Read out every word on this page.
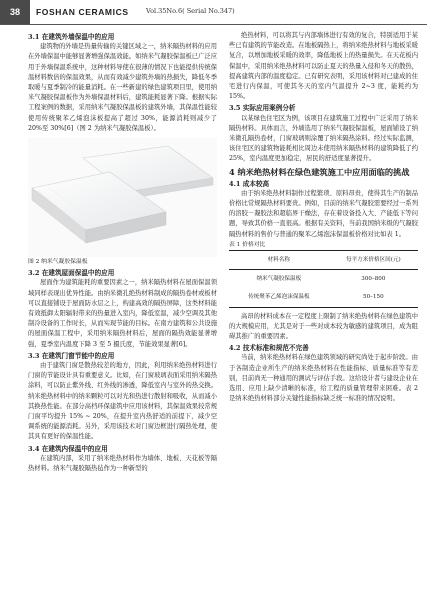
38	FOSHAN CERAMICS	Vol.35No.6( Serial No.347)
3.1 在建筑外墙保温中的应用

建筑物的外墙是热量传输的关键区域之一，纳米隔热材料的应用在外墙保温中能够显著增强保温效能。如纳米气凝胶保温板已广泛应用于外墙保温系统中，这种材料导使在很薄的情况下也能提供传统保温材料数倍的保温效果，从而有效减少建筑外墙的热损失，降低冬季取暖与夏季制冷的能量消耗。在一些新建的绿色建筑项目里，使用纳米气凝胶保温板作为外墙保温材料后，建筑能耗显著下降。根据实际工程案例的数据，采用纳米气凝胶保温板的建筑外墙，其保温性能较使用传统聚苯乙烯泡沫板提高了超过 30%，能源消耗则减少了 20%至 30%[6]（图 2 为纳米气凝胶保温板）。

图 2 纳米气凝胶保温板

3.2 在建筑屋面保温中的应用

屋面作为建筑能耗的重要因素之一，纳米隔热材料在屋面保温领域同样表现出优异性能。由纳米微孔绝热材料制成的隔热卷材或板材可以直接铺设于屋面防水层之上，构建高效的隔热屏障，这类材料能有效抵御太阳辐射带来的热量进入室内，降低室温，减少空调及其他制冷设备的工作时长，从而实现节能的目标。在南方建筑和公共设施的屋面保温工程中，采用纳米隔热材料后，屋面的隔热效能显著增强，夏季室内温度下降 3 至 5 摄氏度，节能效果显著[6]。

3.3 在建筑门窗节能中的应用

由于建筑门窗是散热较差的地方，因此，利用纳米绝热材料进行门窗的节能设计具有重要意义。比如，在门窗玻璃表面采用纳米隔热涂料，可以防止紫外线、红外线的渗透，降低室内与室外的热交换。纳米绝热材料中的纳米颗粒可以对光和热进行散射和吸收，从而减小其换热性能。在部分高档环保建筑中应用该材料，其保温效果较常规门窗平均提升 15% ~ 20%，在提升室内热舒适的前提下，减少空调系统的能源消耗。另外，采用该技术对门窗边框进行隔热处理，使其具有更好的保温性能。

3.4 在建筑内保温中的应用

在建筑内部，采用了纳米绝热材料作为墙体、地板、天花板等隔热材料。纳米气凝胶隔热毡作为一种新型的

绝热材料，可以将其与内部墙体进行有效的复合，特别适用于某些已有建筑的节能改造。在地板隔热上，将纳米绝热材料与地板采暖复合，以增加地板采暖的效率，降低地板上的热量损失。在天花板内保温中，采用纳米绝热材料可以防止夏天的热量入侵和冬天的散热，提高建筑内部的温度稳定。已有研究表明，采用该材料对已建成的住宅进行内保温，可使其冬天的室内气温提升 2~3 度，能耗约为 15%。

3.5 实际应用案例分析

以某绿色住宅区为例，该项目在建筑施工过程中广泛采用了纳米隔热材料。具体而言，外墙选用了纳米气凝胶保温板，屋面铺设了纳米微孔隔热卷材，门窗玻璃则涂覆了纳米隔热涂料。经过实际监测，该住宅区的建筑物能耗相比周边未使用纳米隔热材料的建筑降低了约 25%，室内温度更加稳定，居民的舒适度显著提升。

4 纳米绝热材料在绿色建筑施工中应用面临的挑战
4.1 成本较高

由于纳米绝热材料制作过程繁琐、原料昂贵，使得其生产的制品价格比常规隔热材料要贵。例如，目前的纳米气凝胶需要经过一系列的溶胶－凝胶法和超临界干燥法，存在着设备投入大、产能低下等问题，导致其价格一直很高。根据有关资料，当前我国纳米级的气凝胶隔热材料的售价与普通的聚苯乙烯泡沫保温板价格对比如表 1。

表 1 价格对比

材料名称	每平方米价格区间(元)
纳米气凝胶保温板	300–800
传统聚苯乙烯泡沫保温板	50–150

高昂的材料成本在一定程度上限制了纳米绝热材料在绿色建筑中的大规模应用，尤其是对于一些对成本较为敏感的建筑项目，成为阻碍其推广的重要因素。

4.2 技术标准和规范不完善

当前，纳米绝热材料在绿色建筑领域的研究尚处于起步阶段。由于各制造企业所生产的纳米绝热材料在性能指标、质量标准等有差别，目前尚无一种通用的测试与评估手段。这给设计者与建设企业在选用、应用上缺少清晰的标准，给工程的质量管理带来困难。表 2 是纳米绝热材料部分关键性能指标缺乏统一标准的情况说明。
